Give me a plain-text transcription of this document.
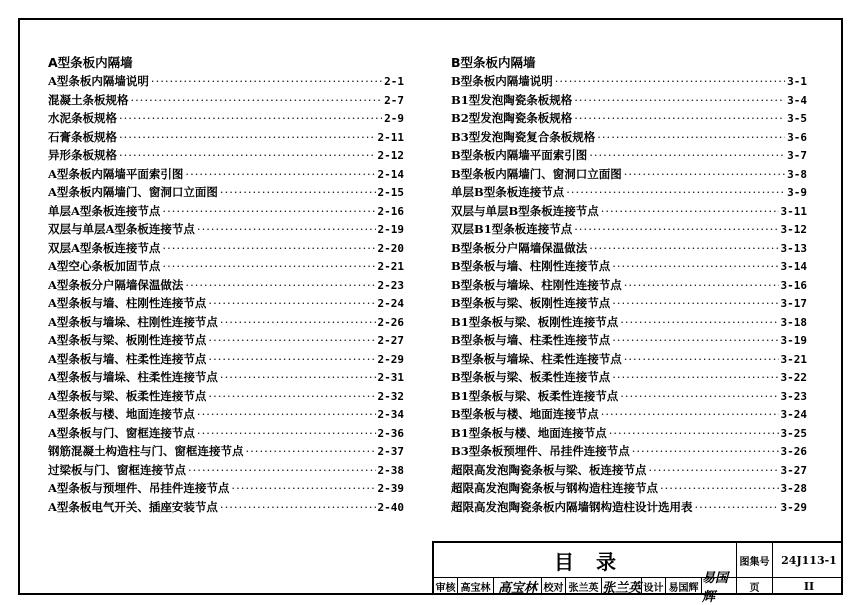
A型条板内隔墙
A型条板内隔墙说明 ·····	2-1
混凝土条板规格 ·····	2-7
水泥条板规格 ·····	2-9
石膏条板规格 ·····	2-11
异形条板规格 ·····	2-12
A型条板内隔墙平面索引图 ·····	2-14
A型条板内隔墙门、窗洞口立面图 ·····	2-15
单层A型条板连接节点 ·····	2-16
双层与单层A型条板连接节点 ·····	2-19
双层A型条板连接节点 ·····	2-20
A型空心条板加固节点 ·····	2-21
A型条板分户隔墙保温做法 ·····	2-23
A型条板与墙、柱刚性连接节点 ·····	2-24
A型条板与墙垛、柱刚性连接节点 ·····	2-26
A型条板与梁、板刚性连接节点 ·····	2-27
A型条板与墙、柱柔性连接节点 ·····	2-29
A型条板与墙垛、柱柔性连接节点 ·····	2-31
A型条板与梁、板柔性连接节点 ·····	2-32
A型条板与楼、地面连接节点 ·····	2-34
A型条板与门、窗框连接节点 ·····	2-36
钢筋混凝土构造柱与门、窗框连接节点 ·····	2-37
过梁板与门、窗框连接节点 ·····	2-38
A型条板与预埋件、吊挂件连接节点 ·····	2-39
A型条板电气开关、插座安装节点 ·····	2-40
B型条板内隔墙
B型条板内隔墙说明 ·····	3-1
B1型发泡陶瓷条板规格 ·····	3-4
B2型发泡陶瓷条板规格 ·····	3-5
B3型发泡陶瓷复合条板规格 ·····	3-6
B型条板内隔墙平面索引图 ·····	3-7
B型条板内隔墙门、窗洞口立面图 ·····	3-8
单层B型条板连接节点 ·····	3-9
双层与单层B型条板连接节点 ·····	3-11
双层B1型条板连接节点 ·····	3-12
B型条板分户隔墙保温做法 ·····	3-13
B型条板与墙、柱刚性连接节点 ·····	3-14
B型条板与墙垛、柱刚性连接节点 ·····	3-16
B型条板与梁、板刚性连接节点 ·····	3-17
B1型条板与梁、板刚性连接节点 ·····	3-18
B型条板与墙、柱柔性连接节点 ·····	3-19
B型条板与墙垛、柱柔性连接节点 ·····	3-21
B型条板与梁、板柔性连接节点 ·····	3-22
B1型条板与梁、板柔性连接节点 ·····	3-23
B型条板与楼、地面连接节点 ·····	3-24
B1型条板与楼、地面连接节点 ·····	3-25
B3型条板预埋件、吊挂件连接节点 ·····	3-26
超限高发泡陶瓷条板与梁、板连接节点 ·····	3-27
超限高发泡陶瓷条板与钢构造柱连接节点 ·····	3-28
超限高发泡陶瓷条板内隔墙钢构造柱设计选用表 ·····	3-29
目录	图集号	24J113-1
审核 高宝林 高宝林 校对 张兰英 张兰英 设计 易国辉
易国辉
页	II
